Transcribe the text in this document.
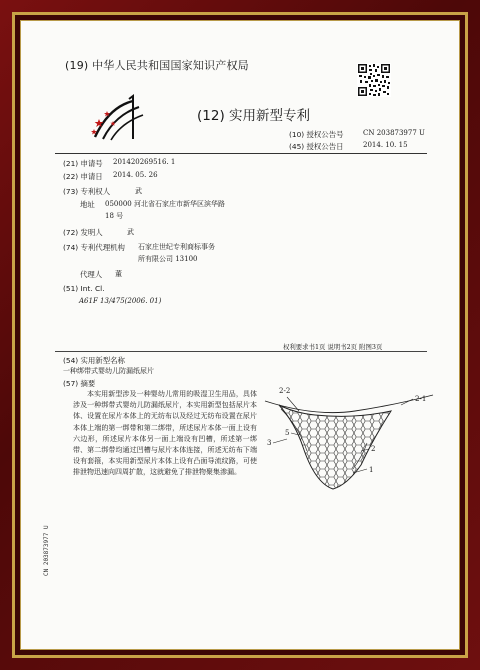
(19) 中华人民共和国国家知识产权局
(12) 实用新型专利
(10) 授权公告号	CN 203873977 U
(45) 授权公告日	2014. 10. 15
(21) 申请号 201420269516. 1
(22) 申请日 2014. 05. 26
(73) 专利权人	武
地址 050000 河北省石家庄市新华区滨华路
18 号
(72) 发明人	武
(74) 专利代理机构 石家庄世纪专利商标事务
所有限公司 13100
代理人 董
(51) Int. Cl.
A61F 13/475(2006. 01)
权利要求书1页 说明书2页 附图3页
(54) 实用新型名称
一种绑带式婴幼儿防漏纸尿片
(57) 摘要
本实用新型涉及一种婴幼儿常用的吸湿卫生用品，具体涉及一种绑带式婴幼儿防漏纸尿片，本实用新型包括尿片本体、设置在尿片本体上的无纺布以及经过无纺布设置在尿片本体上端的第一绑带和第二绑带，所述尿片本体一面上设有六边形，所述尿片本体另一面上端设有凹槽，所述第一绑带、第二绑带均通过凹槽与尿片本体连接，所述无纺布下端设有套箍，本实用新型尿片本体上设有凸面导流纹路，可使排泄物迅速向四周扩散，这就避免了排泄物聚集渗漏。
2-2
2-1
3
5
2
1
CN 203873977 U
